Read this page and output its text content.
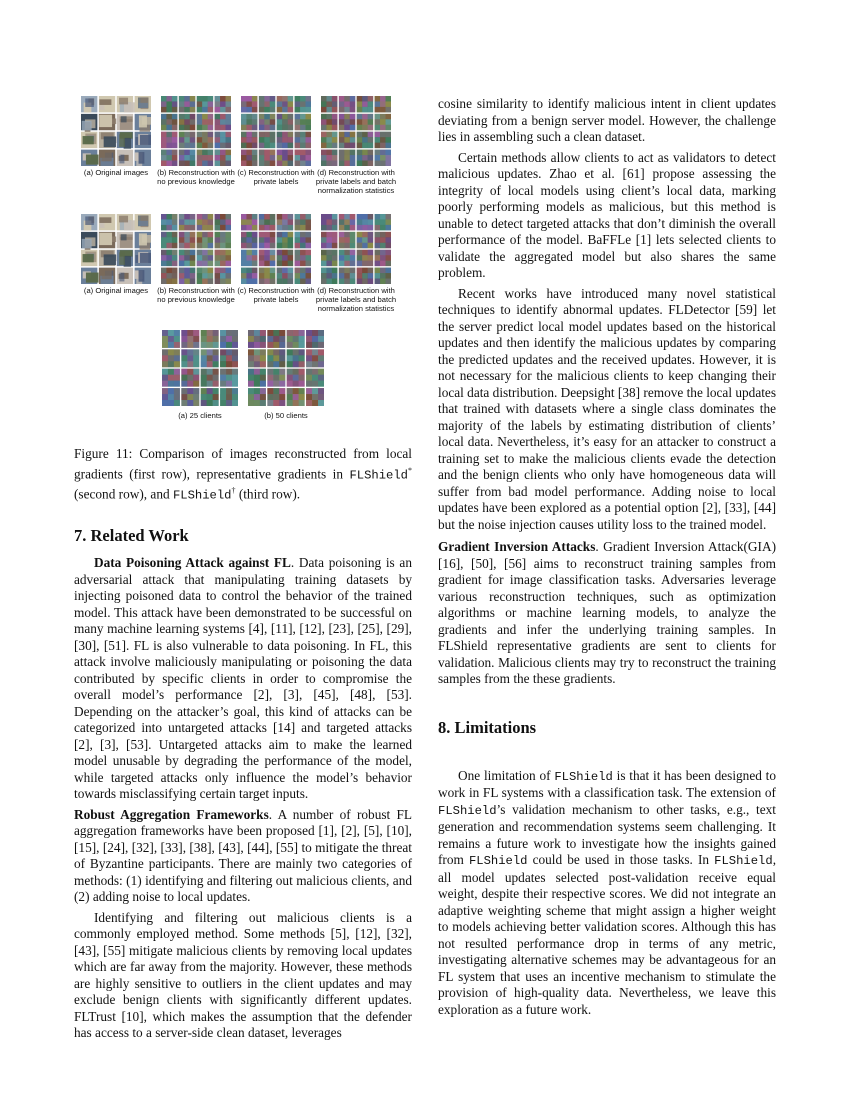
(a) Original images	(b) Reconstruction with no previous knowledge
(c) Reconstruction with private labels
(d) Reconstruction with private labels and batch normalization statistics
(a) Original images	(b) Reconstruction with no previous knowledge
(c) Reconstruction with private labels
(d) Reconstruction with private labels and batch normalization statistics
(a) 25 clients	(b) 50 clients

Figure 11: Comparison of images reconstructed from local gradients (first row), representative gradients in FLShield* (second row), and FLShield† (third row).

7. Related Work

Data Poisoning Attack against FL. Data poisoning is an adversarial attack that manipulating training datasets by injecting poisoned data to control the behavior of the trained model. This attack have been demonstrated to be successful on many machine learning systems [4], [11], [12], [23], [25], [29], [30], [51]. FL is also vulnerable to data poisoning. In FL, this attack involve maliciously manipulating or poisoning the data contributed by specific clients in order to compromise the overall model’s performance [2], [3], [45], [48], [53]. Depending on the attacker’s goal, this kind of attacks can be categorized into untargeted attacks [14] and targeted attacks [2], [3], [53]. Untargeted attacks aim to make the learned model unusable by degrading the performance of the model, while targeted attacks only influence the model’s behavior towards misclassifying certain target inputs.

Robust Aggregation Frameworks. A number of robust FL aggregation frameworks have been proposed [1], [2], [5], [10], [15], [24], [32], [33], [38], [43], [44], [55] to mitigate the threat of Byzantine participants. There are mainly two categories of methods: (1) identifying and filtering out malicious clients, and (2) adding noise to local updates.

Identifying and filtering out malicious clients is a commonly employed method. Some methods [5], [12], [32], [43], [55] mitigate malicious clients by removing local updates which are far away from the majority. However, these methods are highly sensitive to outliers in the client updates and may exclude benign clients with significantly different updates. FLTrust [10], which makes the assumption that the defender has access to a server-side clean dataset, leverages

cosine similarity to identify malicious intent in client updates deviating from a benign server model. However, the challenge lies in assembling such a clean dataset.

Certain methods allow clients to act as validators to detect malicious updates. Zhao et al. [61] propose assessing the integrity of local models using client’s local data, marking poorly performing models as malicious, but this method is unable to detect targeted attacks that don’t diminish the overall performance of the model. BaFFLe [1] lets selected clients to validate the aggregated model but also shares the same problem.

Recent works have introduced many novel statistical techniques to identify abnormal updates. FLDetector [59] let the server predict local model updates based on the historical updates and then identify the malicious updates by comparing the predicted updates and the received updates. However, it is not necessary for the malicious clients to keep changing their local data distribution. Deepsight [38] remove the local updates that trained with datasets where a single class dominates the majority of the labels by estimating distribution of clients’ local data. Nevertheless, it’s easy for an attacker to construct a training set to make the malicious clients evade the detection and the benign clients who only have homogeneous data will suffer from bad model performance. Adding noise to local updates have been explored as a potential option [2], [33], [44] but the noise injection causes utility loss to the trained model.

Gradient Inversion Attacks. Gradient Inversion Attack(GIA) [16], [50], [56] aims to reconstruct training samples from gradient for image classification tasks. Adversaries leverage various reconstruction techniques, such as optimization algorithms or machine learning models, to analyze the gradients and infer the underlying training samples. In FLShield representative gradients are sent to clients for validation. Malicious clients may try to reconstruct the training samples from the these gradients.

8. Limitations

One limitation of FLShield is that it has been designed to work in FL systems with a classification task. The extension of FLShield’s validation mechanism to other tasks, e.g., text generation and recommendation systems seem challenging. It remains a future work to investigate how the insights gained from FLShield could be used in those tasks. In FLShield, all model updates selected post-validation receive equal weight, despite their respective scores. We did not integrate an adaptive weighting scheme that might assign a higher weight to models achieving better validation scores. Although this has not resulted performance drop in terms of any metric, investigating alternative schemes may be advantageous for an FL system that uses an incentive mechanism to stimulate the provision of high-quality data. Nevertheless, we leave this exploration as a future work.
